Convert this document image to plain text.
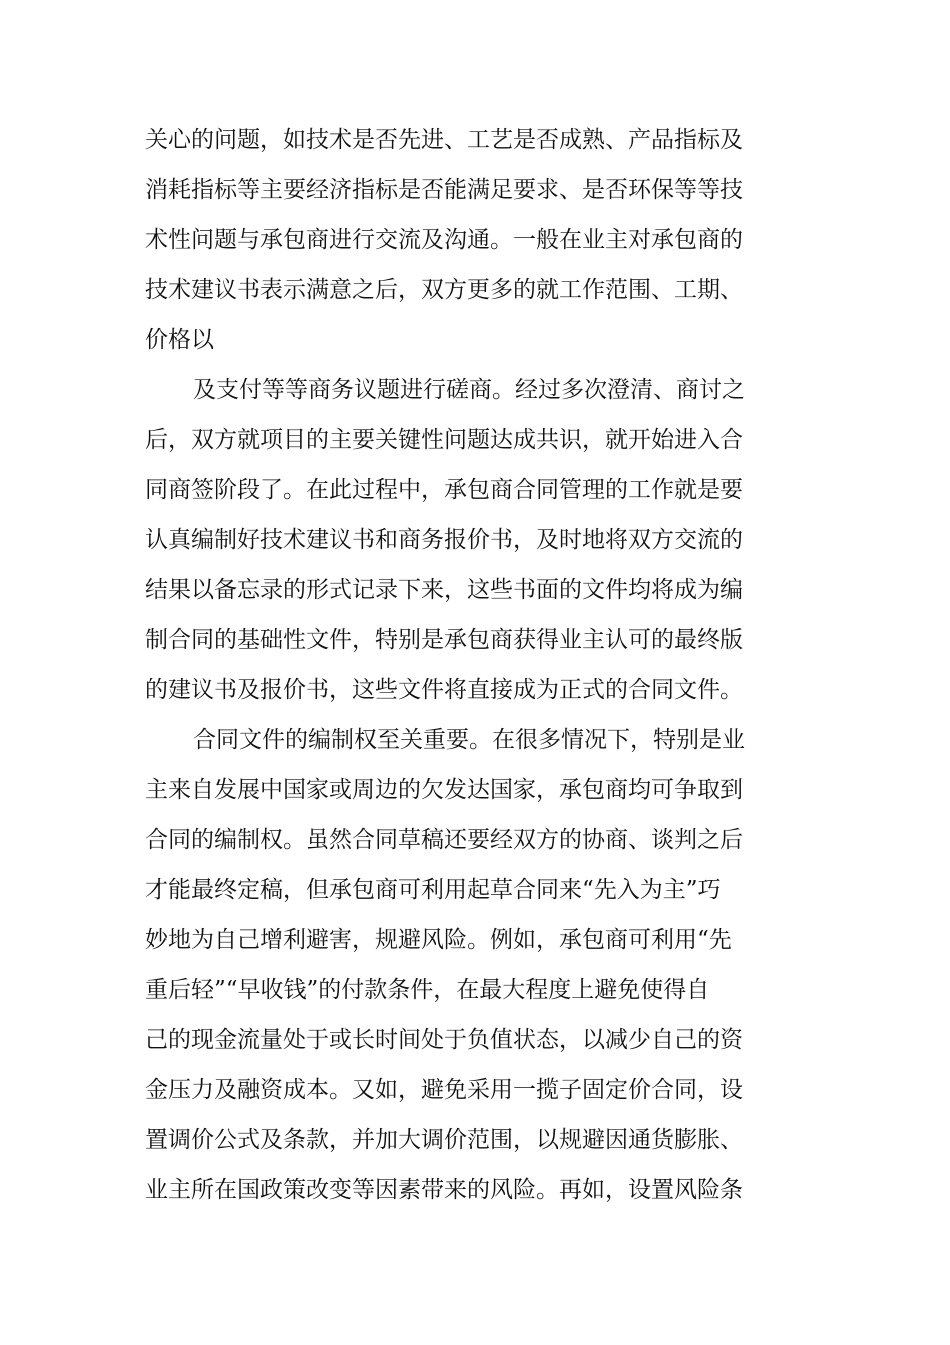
关心的问题，如技术是否先进、工艺是否成熟、产品指标及
消耗指标等主要经济指标是否能满足要求、是否环保等等技
术性问题与承包商进行交流及沟通。一般在业主对承包商的
技术建议书表示满意之后，双方更多的就工作范围、工期、
价格以
及支付等等商务议题进行磋商。经过多次澄清、商讨之
后，双方就项目的主要关键性问题达成共识，就开始进入合
同商签阶段了。在此过程中，承包商合同管理的工作就是要
认真编制好技术建议书和商务报价书，及时地将双方交流的
结果以备忘录的形式记录下来，这些书面的文件均将成为编
制合同的基础性文件，特别是承包商获得业主认可的最终版
的建议书及报价书，这些文件将直接成为正式的合同文件。
合同文件的编制权至关重要。在很多情况下，特别是业
主来自发展中国家或周边的欠发达国家，承包商均可争取到
合同的编制权。虽然合同草稿还要经双方的协商、谈判之后
才能最终定稿，但承包商可利用起草合同来“先入为主”巧
妙地为自己增利避害，规避风险。例如，承包商可利用“先
重后轻”“早收钱”的付款条件，在最大程度上避免使得自
己的现金流量处于或长时间处于负值状态，以减少自己的资
金压力及融资成本。又如，避免采用一揽子固定价合同，设
置调价公式及条款，并加大调价范围，以规避因通货膨胀、
业主所在国政策改变等因素带来的风险。再如，设置风险条
